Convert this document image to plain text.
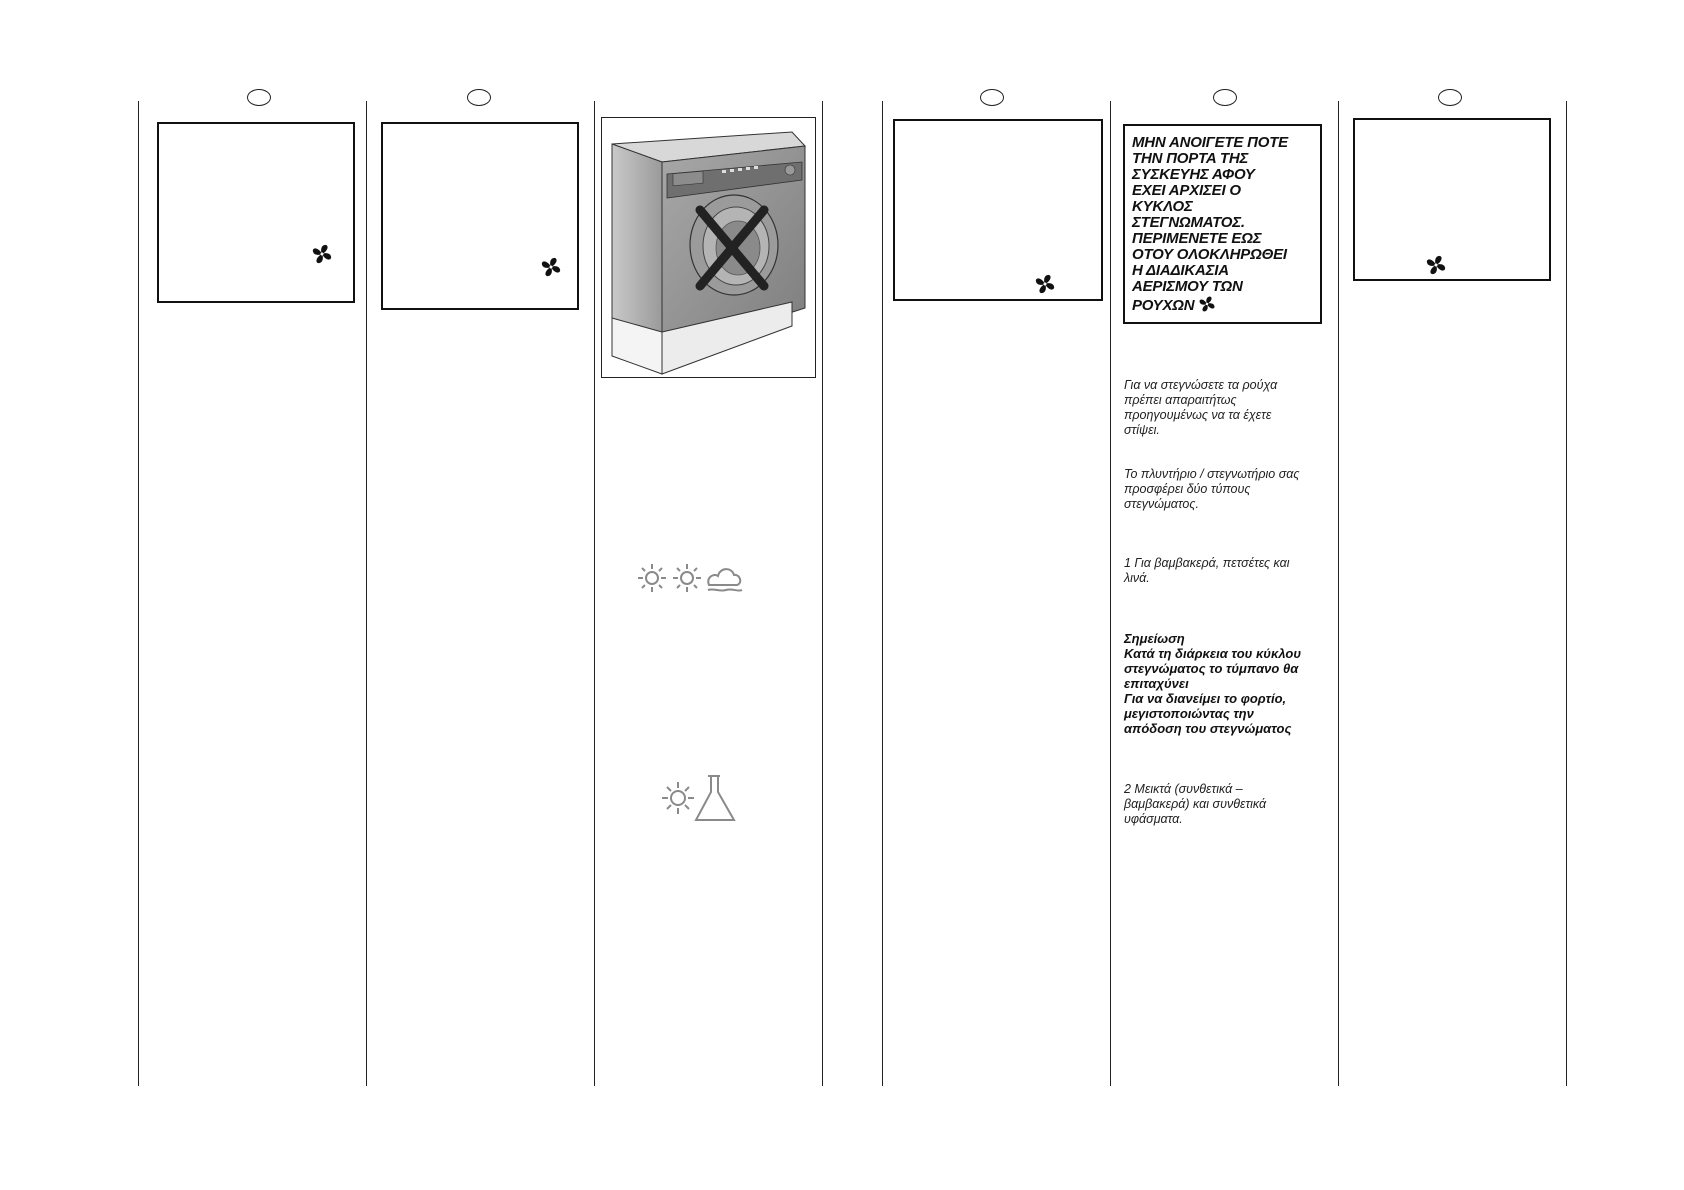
ΜΗΝ ΑΝΟΙΓΕΤΕ ΠΟΤΕ
ΤΗΝ ΠΟΡΤΑ ΤΗΣ
ΣΥΣΚΕΥΗΣ ΑΦΟΥ
ΕΧΕΙ ΑΡΧΙΣΕΙ Ο
ΚΥΚΛΟΣ
ΣΤΕΓΝΩΜΑΤΟΣ.
ΠΕΡΙΜΕΝΕΤΕ ΕΩΣ
ΟΤΟΥ ΟΛΟΚΛΗΡΩΘΕΙ
Η ΔΙΑΔΙΚΑΣΙΑ
ΑΕΡΙΣΜΟΥ ΤΩΝ
ΡΟΥΧΩΝ
Για να στεγνώσετε τα ρούχα
πρέπει απαραιτήτως
προηγουμένως να τα έχετε
στίψει.
Το πλυντήριο / στεγνωτήριο σας
προσφέρει δύο τύπους
στεγνώματος.
1 Για βαμβακερά, πετσέτες και
λινά.
Σημείωση
Κατά τη διάρκεια του κύκλου
στεγνώματος το τύμπανο θα
επιταχύνει
Για να διανείμει το φορτίο,
μεγιστοποιώντας την
απόδοση του στεγνώματος
2 Μεικτά (συνθετικά –
βαμβακερά) και συνθετικά
υφάσματα.
